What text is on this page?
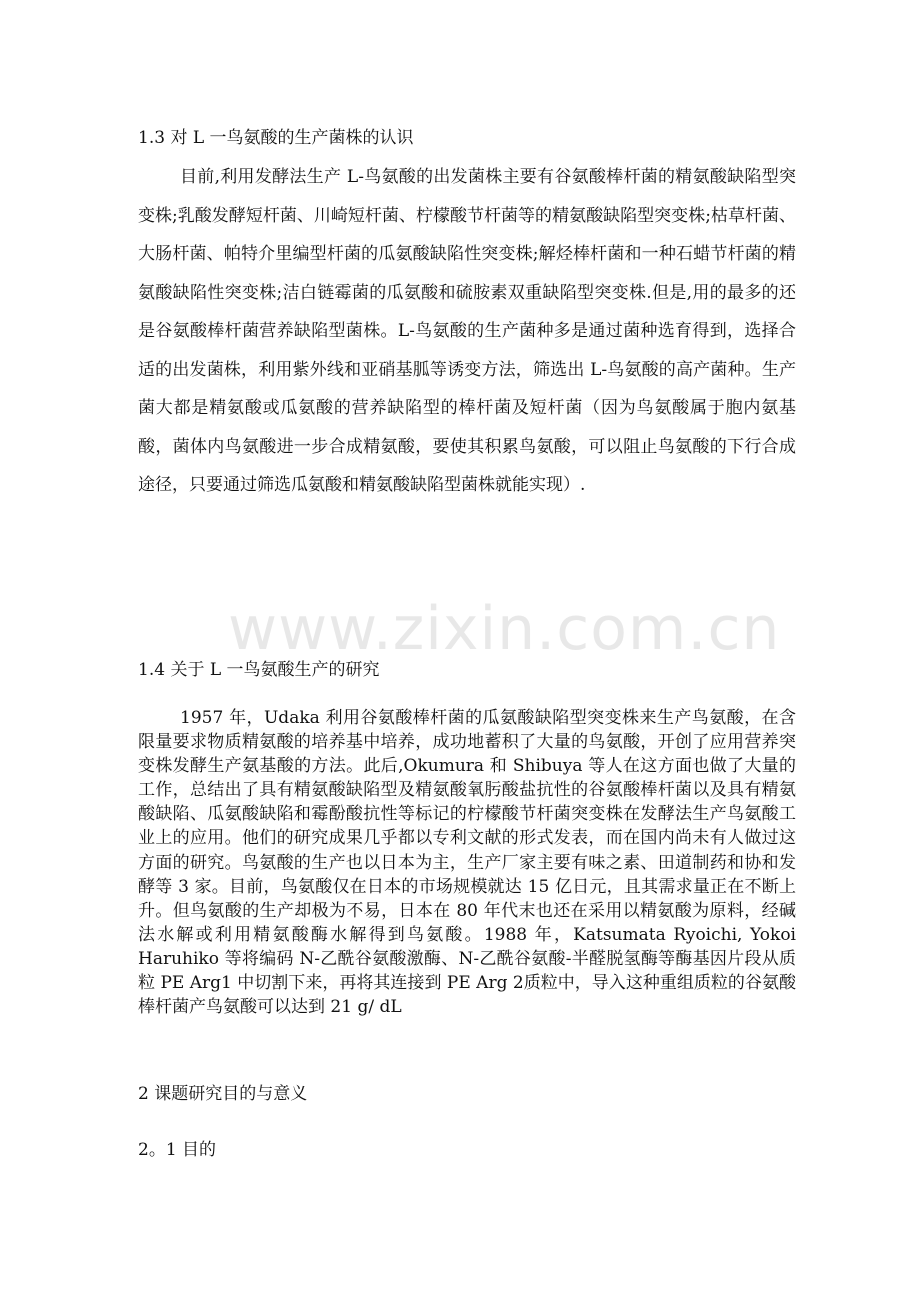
1.3 对 L 一鸟氨酸的生产菌株的认识

目前,利用发酵法生产 L-鸟氨酸的出发菌株主要有谷氨酸棒杆菌的精氨酸缺陷型突变株;乳酸发酵短杆菌、川崎短杆菌、柠檬酸节杆菌等的精氨酸缺陷型突变株;枯草杆菌、大肠杆菌、帕特介里编型杆菌的瓜氨酸缺陷性突变株;解烃棒杆菌和一种石蜡节杆菌的精氨酸缺陷性突变株;洁白链霉菌的瓜氨酸和硫胺素双重缺陷型突变株.但是,用的最多的还是谷氨酸棒杆菌营养缺陷型菌株。L-鸟氨酸的生产菌种多是通过菌种选育得到，选择合适的出发菌株，利用紫外线和亚硝基胍等诱变方法，筛选出 L-鸟氨酸的高产菌种。生产菌大都是精氨酸或瓜氨酸的营养缺陷型的棒杆菌及短杆菌（因为鸟氨酸属于胞内氨基酸，菌体内鸟氨酸进一步合成精氨酸，要使其积累鸟氨酸，可以阻止鸟氨酸的下行合成途径，只要通过筛选瓜氨酸和精氨酸缺陷型菌株就能实现）.

1.4 关于 L 一鸟氨酸生产的研究

1957 年，Udaka 利用谷氨酸棒杆菌的瓜氨酸缺陷型突变株来生产鸟氨酸，在含限量要求物质精氨酸的培养基中培养，成功地蓄积了大量的鸟氨酸，开创了应用营养突变株发酵生产氨基酸的方法。此后,Okumura 和 Shibuya 等人在这方面也做了大量的工作，总结出了具有精氨酸缺陷型及精氨酸氧肟酸盐抗性的谷氨酸棒杆菌以及具有精氨酸缺陷、瓜氨酸缺陷和霉酚酸抗性等标记的柠檬酸节杆菌突变株在发酵法生产鸟氨酸工业上的应用。他们的研究成果几乎都以专利文献的形式发表，而在国内尚未有人做过这方面的研究。鸟氨酸的生产也以日本为主，生产厂家主要有味之素、田道制药和协和发酵等 3 家。目前，鸟氨酸仅在日本的市场规模就达 15 亿日元，且其需求量正在不断上升。但鸟氨酸的生产却极为不易，日本在 80 年代末也还在采用以精氨酸为原料，经碱法水解或利用精氨酸酶水解得到鸟氨酸。1988 年，Katsumata Ryoichi, Yokoi Haruhiko 等将编码 N-乙酰谷氨酸激酶、N-乙酰谷氨酸-半醛脱氢酶等酶基因片段从质粒 PE Arg1 中切割下来，再将其连接到 PE Arg 2质粒中，导入这种重组质粒的谷氨酸棒杆菌产鸟氨酸可以达到 21 g/ dL

2 课题研究目的与意义
2。1 目的
www.zixin.com.cn
